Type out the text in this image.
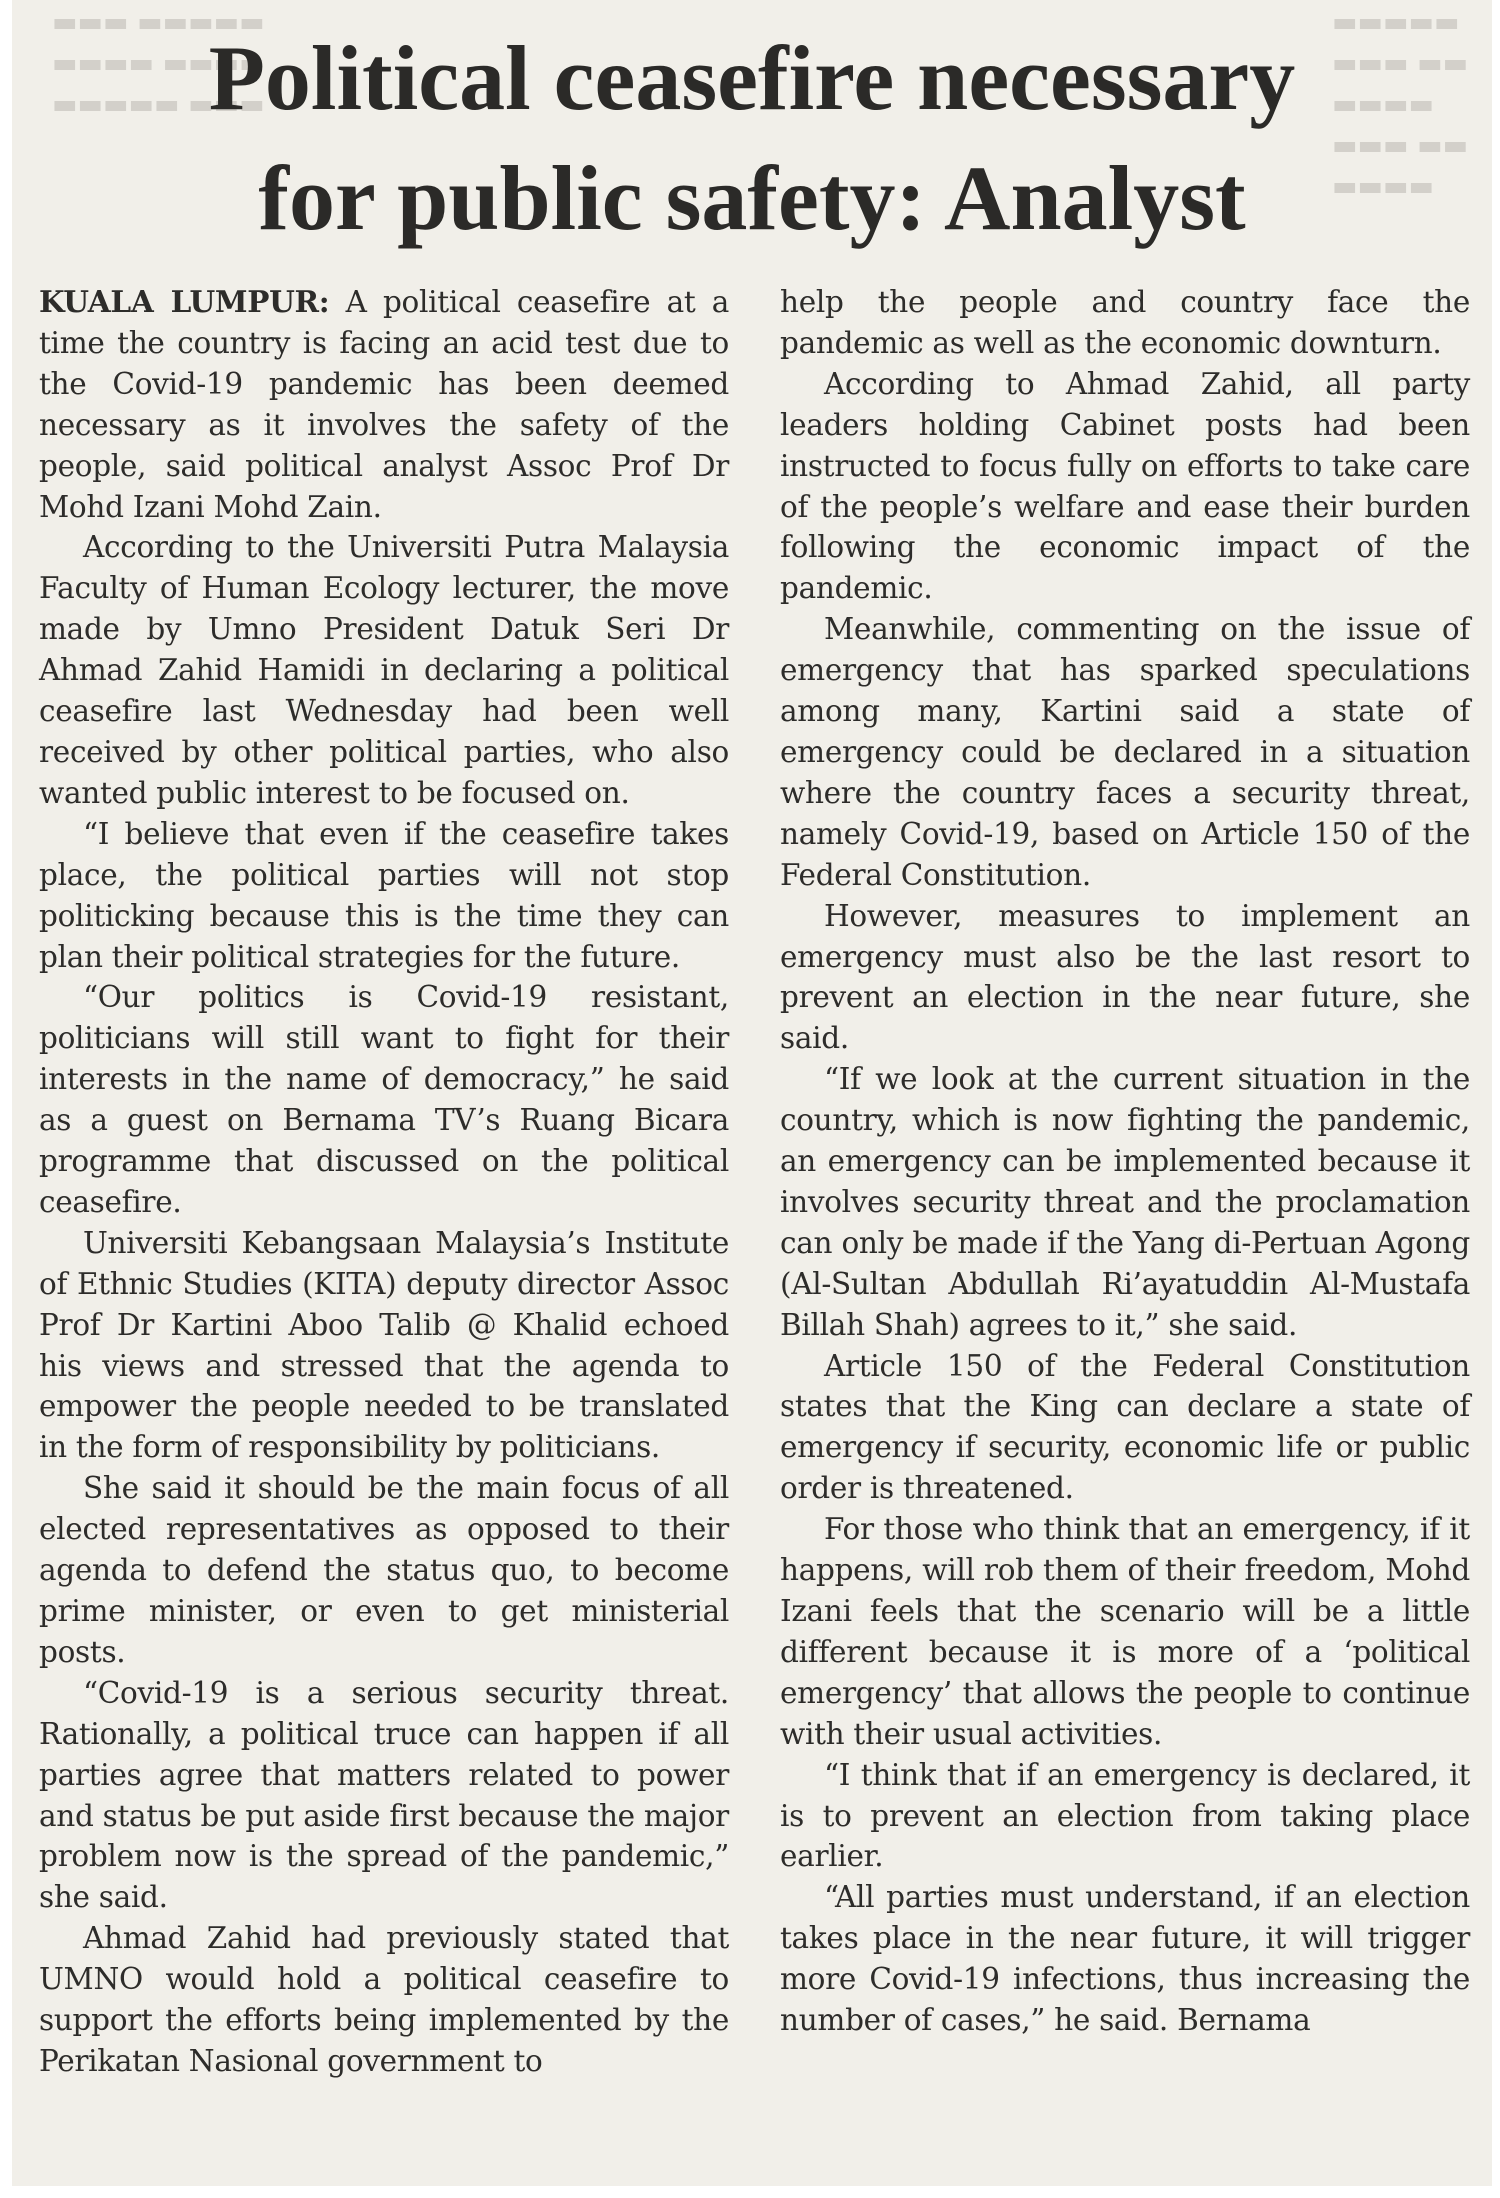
▬▬▬ ▬▬▬▬▬
▬▬▬▬ ▬▬▬▬
▬▬▬▬▬ ▬▬▬
▬▬▬▬▬
▬▬▬ ▬▬
▬▬▬▬
▬▬▬ ▬▬
▬▬▬▬
Political ceasefire necessary
for public safety: Analyst

KUALA LUMPUR: A political ceasefire at a time the country is facing an acid test due to the Covid-19 pandemic has been deemed necessary as it involves the safety of the people, said political analyst Assoc Prof Dr Mohd Izani Mohd Zain.

According to the Universiti Putra Malaysia Faculty of Human Ecology lecturer, the move made by Umno President Datuk Seri Dr Ahmad Zahid Hamidi in declaring a political ceasefire last Wednesday had been well received by other political parties, who also wanted public interest to be focused on.

“I believe that even if the ceasefire takes place, the political parties will not stop politicking because this is the time they can plan their political strategies for the future.

“Our politics is Covid-19 resistant, politicians will still want to fight for their interests in the name of democracy,” he said as a guest on Bernama TV’s Ruang Bicara programme that discussed on the political ceasefire.

Universiti Kebangsaan Malaysia’s Institute of Ethnic Studies (KITA) deputy director Assoc Prof Dr Kartini Aboo Talib @ Khalid echoed his views and stressed that the agenda to empower the people needed to be translated in the form of responsibility by politicians.

She said it should be the main focus of all elected representatives as opposed to their agenda to defend the status quo, to become prime minister, or even to get ministerial posts.

“Covid-19 is a serious security threat. Rationally, a political truce can happen if all parties agree that matters related to power and status be put aside first because the major problem now is the spread of the pandemic,” she said.

Ahmad Zahid had previously stated that UMNO would hold a political ceasefire to support the efforts being implemented by the Perikatan Nasional government to

help the people and country face the pandemic as well as the economic downturn.

According to Ahmad Zahid, all party leaders holding Cabinet posts had been instructed to focus fully on efforts to take care of the people’s welfare and ease their burden following the economic impact of the pandemic.

Meanwhile, commenting on the issue of emergency that has sparked speculations among many, Kartini said a state of emergency could be declared in a situation where the country faces a security threat, namely Covid-19, based on Article 150 of the Federal Constitution.

However, measures to implement an emergency must also be the last resort to prevent an election in the near future, she said.

“If we look at the current situation in the country, which is now fighting the pandemic, an emergency can be implemented because it involves security threat and the proclamation can only be made if the Yang di-Pertuan Agong (Al-Sultan Abdullah Ri’ayatuddin Al-Mustafa Billah Shah) agrees to it,” she said.

Article 150 of the Federal Constitution states that the King can declare a state of emergency if security, economic life or public order is threatened.

For those who think that an emergency, if it happens, will rob them of their freedom, Mohd Izani feels that the scenario will be a little different because it is more of a ‘political emergency’ that allows the people to continue with their usual activities.

“I think that if an emergency is declared, it is to prevent an election from taking place earlier.

“All parties must understand, if an election takes place in the near future, it will trigger more Covid-19 infections, thus increasing the number of cases,” he said. Bernama
